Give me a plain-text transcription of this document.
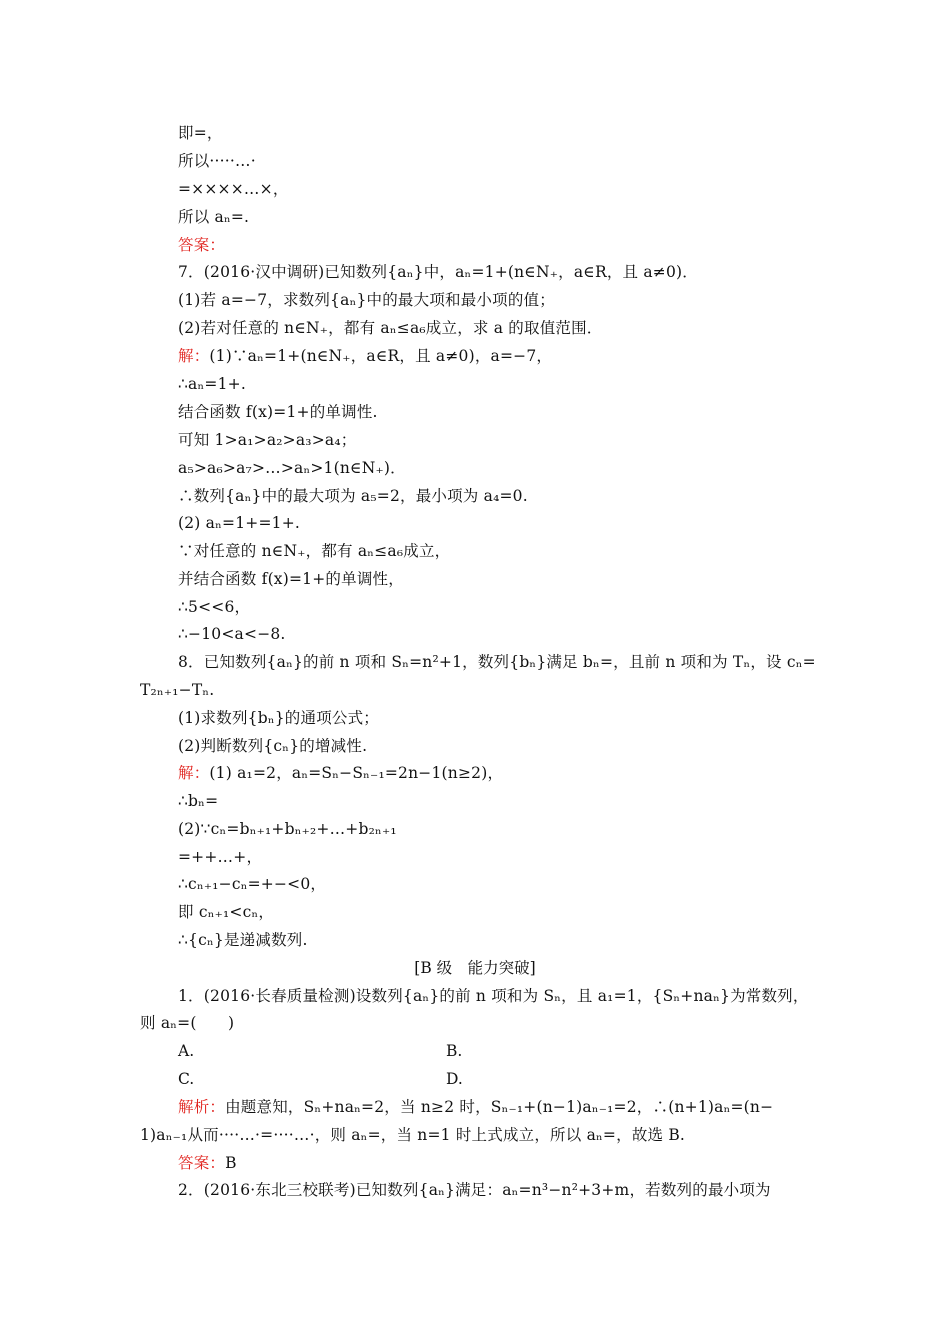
即=，
所以·····…·
=××××…×，
所以 aₙ=.
答案：
7．(2016·汉中调研)已知数列{aₙ}中，aₙ=1+(n∈N₊，a∈R，且 a≠0)．
(1)若 a=−7，求数列{aₙ}中的最大项和最小项的值；
(2)若对任意的 n∈N₊，都有 aₙ≤a₆成立，求 a 的取值范围．
解：(1)∵aₙ=1+(n∈N₊，a∈R，且 a≠0)，a=−7，
∴aₙ=1+.
结合函数 f(x)=1+的单调性.
可知 1>a₁>a₂>a₃>a₄；
a₅>a₆>a₇>…>aₙ>1(n∈N₊)．
∴数列{aₙ}中的最大项为 a₅=2，最小项为 a₄=0.
(2) aₙ=1+=1+.
∵对任意的 n∈N₊，都有 aₙ≤a₆成立，
并结合函数 f(x)=1+的单调性，
∴5<<6，
∴−10<a<−8.
8．已知数列{aₙ}的前 n 项和 Sₙ=n²+1，数列{bₙ}满足 bₙ=，且前 n 项和为 Tₙ，设 cₙ=
T₂ₙ₊₁−Tₙ.
(1)求数列{bₙ}的通项公式；
(2)判断数列{cₙ}的增减性.
解：(1) a₁=2，aₙ=Sₙ−Sₙ₋₁=2n−1(n≥2)，
∴bₙ=
(2)∵cₙ=bₙ₊₁+bₙ₊₂+…+b₂ₙ₊₁
=++…+，
∴cₙ₊₁−cₙ=+−<0，
即 cₙ₊₁<cₙ，
∴{cₙ}是递减数列.
[B 级　能力突破]
1．(2016·长春质量检测)设数列{aₙ}的前 n 项和为 Sₙ，且 a₁=1，{Sₙ+naₙ}为常数列，
则 aₙ=(　　)
A.	B.
C.	D.
解析：由题意知，Sₙ+naₙ=2，当 n≥2 时，Sₙ₋₁+(n−1)aₙ₋₁=2，∴(n+1)aₙ=(n−
1)aₙ₋₁从而····…·=····…·，则 aₙ=，当 n=1 时上式成立，所以 aₙ=，故选 B.
答案：B
2．(2016·东北三校联考)已知数列{aₙ}满足：aₙ=n³−n²+3+m，若数列的最小项为
